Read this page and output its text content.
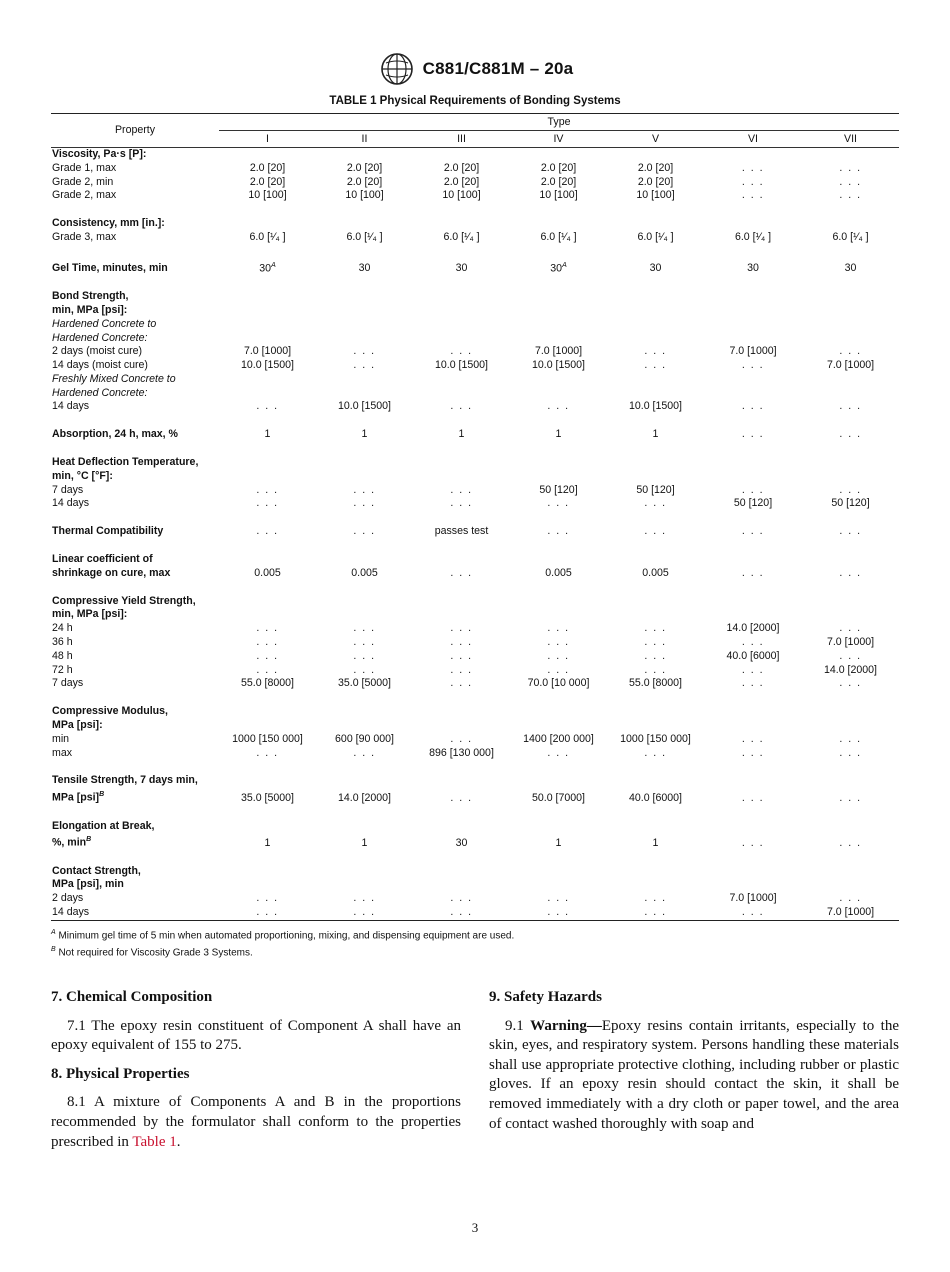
C881/C881M – 20a
TABLE 1 Physical Requirements of Bonding Systems
Property	Type						
	I	II	III	IV	V	VI	VII
Viscosity, Pa·s [P]:							
Grade 1, max	2.0 [20]	2.0 [20]	2.0 [20]	2.0 [20]	2.0 [20]	. . .	. . .
Grade 2, min	2.0 [20]	2.0 [20]	2.0 [20]	2.0 [20]	2.0 [20]	. . .	. . .
Grade 2, max	10 [100]	10 [100]	10 [100]	10 [100]	10 [100]	. . .	. . .

Consistency, mm [in.]:							
Grade 3, max	6.0 [¹⁄₄ ]	6.0 [¹⁄₄ ]	6.0 [¹⁄₄ ]	6.0 [¹⁄₄ ]	6.0 [¹⁄₄ ]	6.0 [¹⁄₄ ]	6.0 [¹⁄₄ ]

Gel Time, minutes, min	$30^A$	30	30	$30^A$	30	30	30

Bond Strength,							
min, MPa [psi]:							
Hardened Concrete to							
Hardened Concrete:							
2 days (moist cure)	7.0 [1000]	. . .	. . .	7.0 [1000]	. . .	7.0 [1000]	. . .
14 days (moist cure)	10.0 [1500]	. . .	10.0 [1500]	10.0 [1500]	. . .	. . .	7.0 [1000]
Freshly Mixed Concrete to							
Hardened Concrete:							
14 days	. . .	10.0 [1500]	. . .	. . .	10.0 [1500]	. . .	. . .

Absorption, 24 h, max, %	1	1	1	1	1	. . .	. . .

Heat Deflection Temperature,							
min, °C [°F]:							
7 days	. . .	. . .	. . .	50 [120]	50 [120]	. . .	. . .
14 days	. . .	. . .	. . .	. . .	. . .	50 [120]	50 [120]

Thermal Compatibility	. . .	. . .	passes test	. . .	. . .	. . .	. . .

Linear coefficient of							
shrinkage on cure, max	0.005	0.005	. . .	0.005	0.005	. . .	. . .

Compressive Yield Strength,							
min, MPa [psi]:							
24 h	. . .	. . .	. . .	. . .	. . .	14.0 [2000]	. . .
36 h	. . .	. . .	. . .	. . .	. . .	. . .	7.0 [1000]
48 h	. . .	. . .	. . .	. . .	. . .	40.0 [6000]	. . .
72 h	. . .	. . .	. . .	. . .	. . .	. . .	14.0 [2000]
7 days	55.0 [8000]	35.0 [5000]	. . .	70.0 [10 000]	55.0 [8000]	. . .	. . .

Compressive Modulus,							
MPa [psi]:							
min	1000 [150 000]	600 [90 000]	. . .	1400 [200 000]	1000 [150 000]	. . .	. . .
max	. . .	. . .	896 [130 000]	. . .	. . .	. . .	. . .

Tensile Strength, 7 days min,							
MPa [psi]$^B$	35.0 [5000]	14.0 [2000]	. . .	50.0 [7000]	40.0 [6000]	. . .	. . .

Elongation at Break,							
%, $\min^B$	1	1	30	1	1	. . .	. . .

Contact Strength,							
MPa [psi], min							
2 days	. . .	. . .	. . .	. . .	. . .	7.0 [1000]	. . .
14 days	. . .	. . .	. . .	. . .	. . .	. . .	7.0 [1000]
$^A$ Minimum gel time of 5 min when automated proportioning, mixing, and dispensing equipment are used.
$^B$ Not required for Viscosity Grade 3 Systems.

7. Chemical Composition

7.1 The epoxy resin constituent of Component A shall have an epoxy equivalent of 155 to 275.

8. Physical Properties

8.1 A mixture of Components A and B in the proportions recommended by the formulator shall conform to the properties prescribed in Table 1.

9. Safety Hazards

9.1 Warning—Epoxy resins contain irritants, especially to the skin, eyes, and respiratory system. Persons handling these materials shall use appropriate protective clothing, including rubber or plastic gloves. If an epoxy resin should contact the skin, it shall be removed immediately with a dry cloth or paper towel, and the area of contact washed thoroughly with soap and

3
